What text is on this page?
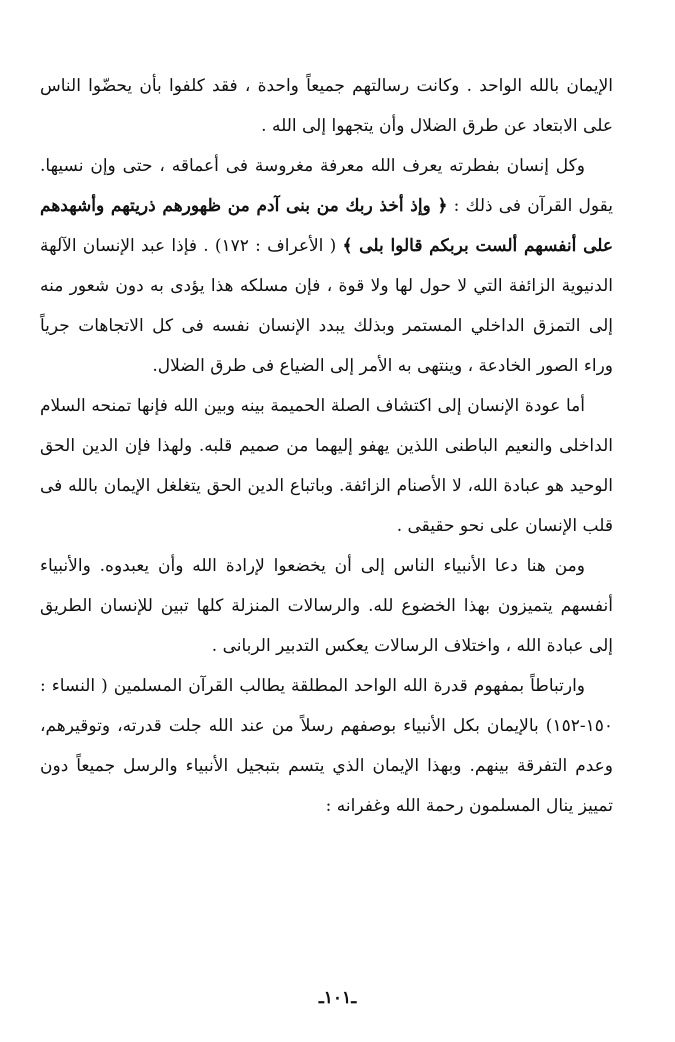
الإيمان بالله الواحد . وكانت رسالتهم جميعاً واحدة ، فقد كلفوا بأن يحضّوا الناس على الابتعاد عن طرق الضلال وأن يتجهوا إلى الله .

وكل إنسان بفطرته يعرف الله معرفة مغروسة فى أعماقه ، حتى وإن نسيها. يقول القرآن فى ذلك : ﴿ وإذ أخذ ربك من بنى آدم من ظهورهم ذريتهم وأشهدهم على أنفسهم ألست بربكم قالوا بلى ﴾ ( الأعراف : ١٧٢) . فإذا عبد الإنسان الآلهة الدنيوية الزائفة التي لا حول لها ولا قوة ، فإن مسلكه هذا يؤدى به دون شعور منه إلى التمزق الداخلي المستمر وبذلك يبدد الإنسان نفسه فى كل الاتجاهات جرياً وراء الصور الخادعة ، وينتهى به الأمر إلى الضياع فى طرق الضلال.

أما عودة الإنسان إلى اكتشاف الصلة الحميمة بينه وبين الله فإنها تمنحه السلام الداخلى والنعيم الباطنى اللذين يهفو إليهما من صميم قلبه. ولهذا فإن الدين الحق الوحيد هو عبادة الله، لا الأصنام الزائفة. وباتباع الدين الحق يتغلغل الإيمان بالله فى قلب الإنسان على نحو حقيقى .

ومن هنا دعا الأنبياء الناس إلى أن يخضعوا لإرادة الله وأن يعبدوه. والأنبياء أنفسهم يتميزون بهذا الخضوع لله. والرسالات المنزلة كلها تبين للإنسان الطريق إلى عبادة الله ، واختلاف الرسالات يعكس التدبير الربانى .

وارتباطاً بمفهوم قدرة الله الواحد المطلقة يطالب القرآن المسلمين ( النساء : ١٥٠-١٥٢) بالإيمان بكل الأنبياء بوصفهم رسلاً من عند الله جلت قدرته، وتوقيرهم، وعدم التفرقة بينهم. وبهذا الإيمان الذي يتسم بتبجيل الأنبياء والرسل جميعاً دون تمييز ينال المسلمون رحمة الله وغفرانه :

ـ١٠١ـ
